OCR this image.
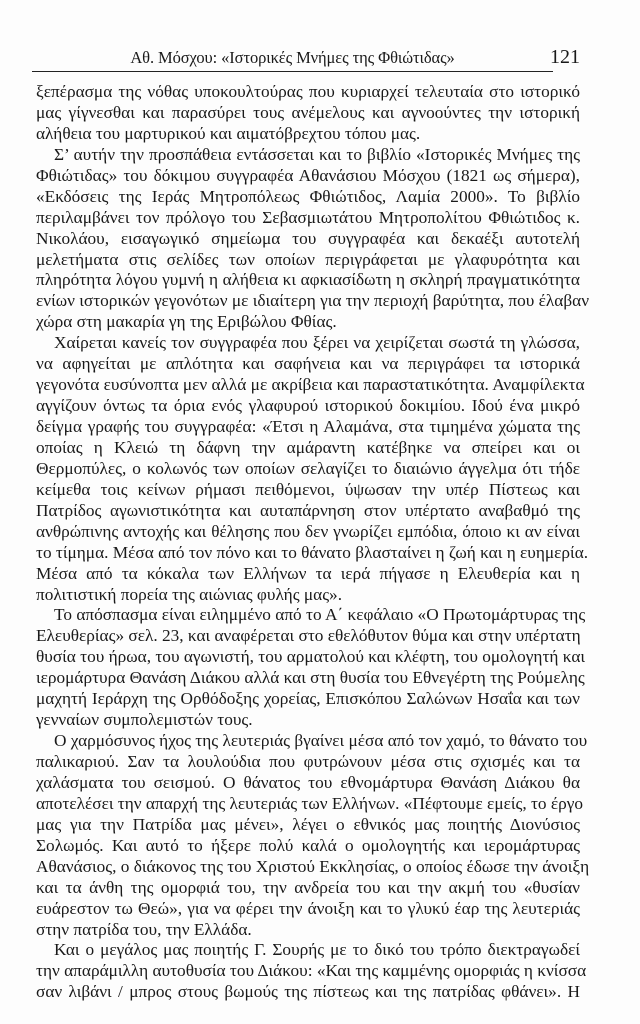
Αθ. Μόσχου: «Ιστορικές Μνήμες της Φθιώτιδας»	121
ξεπέρασμα της νόθας υποκουλτούρας που κυριαρχεί τελευταία στο ιστορικό
μας γίγνεσθαι και παρασύρει τους ανέμελους και αγνοούντες την ιστορική
αλήθεια του μαρτυρικού και αιματόβρεχτου τόπου μας.
Σ’ αυτήν την προσπάθεια εντάσσεται και το βιβλίο «Ιστορικές Μνήμες της
Φθιώτιδας» του δόκιμου συγγραφέα Αθανάσιου Μόσχου (1821 ως σήμερα),
«Εκδόσεις της Ιεράς Μητροπόλεως Φθιώτιδος, Λαμία 2000». Το βιβλίο
περιλαμβάνει τον πρόλογο του Σεβασμιωτάτου Μητροπολίτου Φθιώτιδος κ.
Νικολάου, εισαγωγικό σημείωμα του συγγραφέα και δεκαέξι αυτοτελή
μελετήματα στις σελίδες των οποίων περιγράφεται με γλαφυρότητα και
πληρότητα λόγου γυμνή η αλήθεια κι αφκιασίδωτη η σκληρή πραγματικότητα
ενίων ιστορικών γεγονότων με ιδιαίτερη για την περιοχή βαρύτητα, που έλαβαν
χώρα στη μακαρία γη της Εριβώλου Φθίας.
Χαίρεται κανείς τον συγγραφέα που ξέρει να χειρίζεται σωστά τη γλώσσα,
να αφηγείται με απλότητα και σαφήνεια και να περιγράφει τα ιστορικά
γεγονότα ευσύνοπτα μεν αλλά με ακρίβεια και παραστατικότητα. Αναμφίλεκτα
αγγίζουν όντως τα όρια ενός γλαφυρού ιστορικού δοκιμίου. Ιδού ένα μικρό
δείγμα γραφής του συγγραφέα: «Έτσι η Αλαμάνα, στα τιμημένα χώματα της
οποίας η Κλειώ τη δάφνη την αμάραντη κατέβηκε να σπείρει και οι
Θερμοπύλες, ο κολωνός των οποίων σελαγίζει το διαιώνιο άγγελμα ότι τήδε
κείμεθα τοις κείνων ρήμασι πειθόμενοι, ύψωσαν την υπέρ Πίστεως και
Πατρίδος αγωνιστικότητα και αυταπάρνηση στον υπέρτατο αναβαθμό της
ανθρώπινης αντοχής και θέλησης που δεν γνωρίζει εμπόδια, όποιο κι αν είναι
το τίμημα. Μέσα από τον πόνο και το θάνατο βλασταίνει η ζωή και η ευημερία.
Μέσα από τα κόκαλα των Ελλήνων τα ιερά πήγασε η Ελευθερία και η
πολιτιστική πορεία της αιώνιας φυλής μας».
Το απόσπασμα είναι ειλημμένο από το Α΄ κεφάλαιο «Ο Πρωτομάρτυρας της
Ελευθερίας» σελ. 23, και αναφέρεται στο εθελόθυτον θύμα και στην υπέρτατη
θυσία του ήρωα, του αγωνιστή, του αρματολού και κλέφτη, του ομολογητή και
ιερομάρτυρα Θανάση Διάκου αλλά και στη θυσία του Εθνεγέρτη της Ρούμελης
μαχητή Ιεράρχη της Ορθόδοξης χορείας, Επισκόπου Σαλώνων Ησαΐα και των
γενναίων συμπολεμιστών τους.
Ο χαρμόσυνος ήχος της λευτεριάς βγαίνει μέσα από τον χαμό, το θάνατο του
παλικαριού. Σαν τα λουλούδια που φυτρώνουν μέσα στις σχισμές και τα
χαλάσματα του σεισμού. Ο θάνατος του εθνομάρτυρα Θανάση Διάκου θα
αποτελέσει την απαρχή της λευτεριάς των Ελλήνων. «Πέφτουμε εμείς, το έργο
μας για την Πατρίδα μας μένει», λέγει ο εθνικός μας ποιητής Διονύσιος
Σολωμός. Και αυτό το ήξερε πολύ καλά ο ομολογητής και ιερομάρτυρας
Αθανάσιος, ο διάκονος της του Χριστού Εκκλησίας, ο οποίος έδωσε την άνοιξη
και τα άνθη της ομορφιά του, την ανδρεία του και την ακμή του «θυσίαν
ευάρεστον τω Θεώ», για να φέρει την άνοιξη και το γλυκύ έαρ της λευτεριάς
στην πατρίδα του, την Ελλάδα.
Και ο μεγάλος μας ποιητής Γ. Σουρής με το δικό του τρόπο διεκτραγωδεί
την απαράμιλλη αυτοθυσία του Διάκου: «Και της καμμένης ομορφιάς η κνίσσα
σαν λιβάνι / μπρος στους βωμούς της πίστεως και της πατρίδας φθάνει». Η
